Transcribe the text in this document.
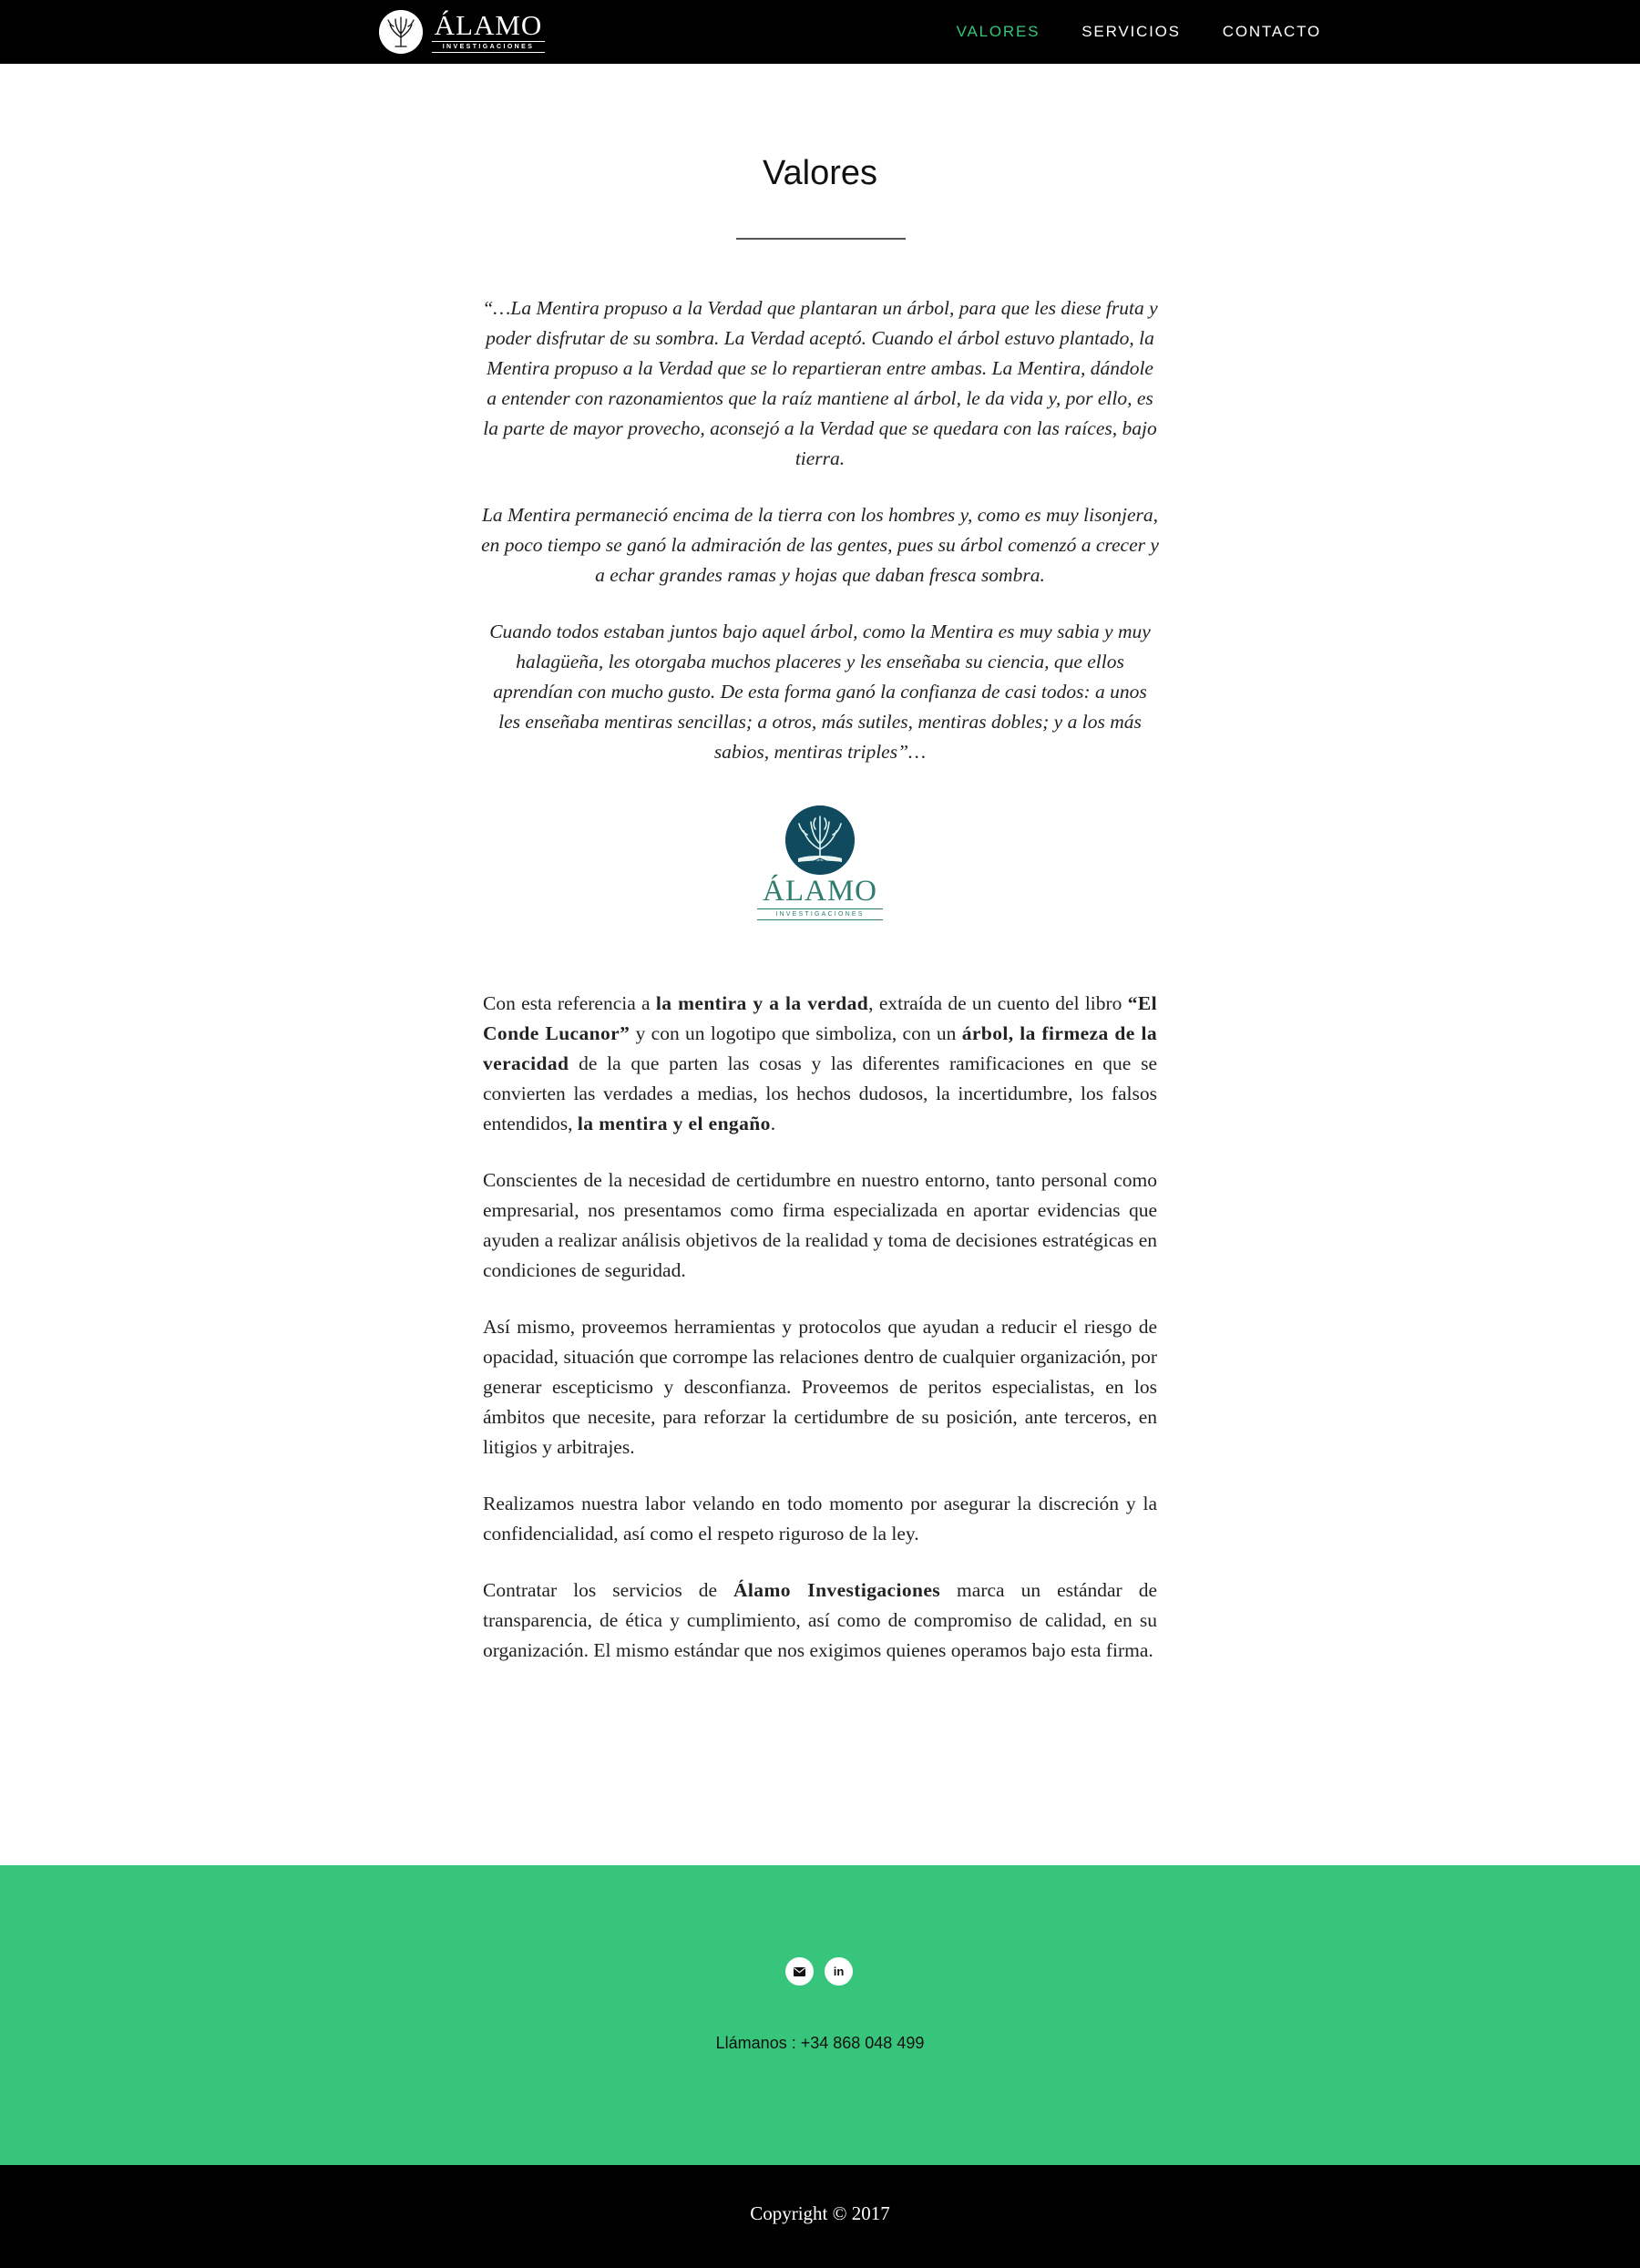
ÁLAMO
INVESTIGACIONES
VALORES	SERVICIOS	CONTACTO
Valores

“…La Mentira propuso a la Verdad que plantaran un árbol, para que les diese fruta y poder disfrutar de su sombra. La Verdad aceptó. Cuando el árbol estuvo plantado, la Mentira propuso a la Verdad que se lo repartieran entre ambas. La Mentira, dándole a entender con razonamientos que la raíz mantiene al árbol, le da vida y, por ello, es la parte de mayor provecho, aconsejó a la Verdad que se quedara con las raíces, bajo tierra.

La Mentira permaneció encima de la tierra con los hombres y, como es muy lisonjera, en poco tiempo se ganó la admiración de las gentes, pues su árbol comenzó a crecer y a echar grandes ramas y hojas que daban fresca sombra.

Cuando todos estaban juntos bajo aquel árbol, como la Mentira es muy sabia y muy halagüeña, les otorgaba muchos placeres y les enseñaba su ciencia, que ellos aprendían con mucho gusto. De esta forma ganó la confianza de casi todos: a unos les enseñaba mentiras sencillas; a otros, más sutiles, mentiras dobles; y a los más sabios, mentiras triples”…

ÁLAMO
INVESTIGACIONES

Con esta referencia a la mentira y a la verdad, extraída de un cuento del libro “El Conde Lucanor” y con un logotipo que simboliza, con un árbol, la firmeza de la veracidad de la que parten las cosas y las diferentes ramificaciones en que se convierten las verdades a medias, los hechos dudosos, la incertidumbre, los falsos entendidos, la mentira y el engaño.

Conscientes de la necesidad de certidumbre en nuestro entorno, tanto personal como empresarial, nos presentamos como firma especializada en aportar evidencias que ayuden a realizar análisis objetivos de la realidad y toma de decisiones estratégicas en condiciones de seguridad.

Así mismo, proveemos herramientas y protocolos que ayudan a reducir el riesgo de opacidad, situación que corrompe las relaciones dentro de cualquier organización, por generar escepticismo y desconfianza. Proveemos de peritos especialistas, en los ámbitos que necesite, para reforzar la certidumbre de su posición, ante terceros, en litigios y arbitrajes.

Realizamos nuestra labor velando en todo momento por asegurar la discreción y la confidencialidad, así como el respeto riguroso de la ley.

Contratar los servicios de Álamo Investigaciones marca un estándar de transparencia, de ética y cumplimiento, así como de compromiso de calidad, en su organización. El mismo estándar que nos exigimos quienes operamos bajo esta firma.

in
Llámanos : +34 868 048 499
Copyright © 2017
